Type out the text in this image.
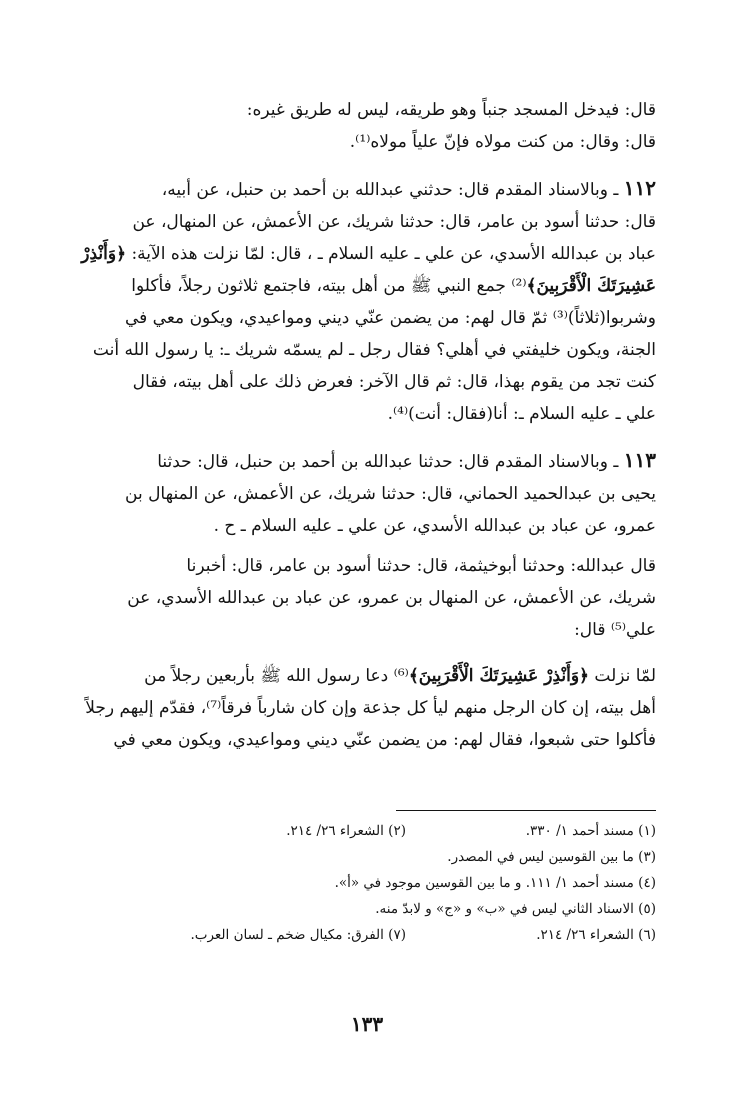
قال: فيدخل المسجد جنباً وهو طريقه، ليس له طريق غيره:

قال: وقال: من كنت مولاه فإنّ علياً مولاه⁽¹⁾.

١١٢ ـ وبالاسناد المقدم قال: حدثني عبدالله بن أحمد بن حنبل، عن أبيه،

قال: حدثنا أسود بن عامر، قال: حدثنا شريك، عن الأعمش، عن المنهال، عن

عباد بن عبدالله الأسدي، عن علي ـ عليه السلام ـ ، قال: لمّا نزلت هذه الآية: ﴿وَأَنْذِرْ

عَشِيرَتَكَ الْأَقْرَبِينَ﴾⁽²⁾ جمع النبي ﷺ من أهل بيته، فاجتمع ثلاثون رجلاً، فأكلوا

وشربوا(ثلاثاً)⁽³⁾ ثمّ قال لهم: من يضمن عنّي ديني ومواعيدي، ويكون معي في

الجنة، ويكون خليفتي في أهلي؟ فقال رجل ـ لم يسمّه شريك ـ: يا رسول الله أنت

كنت تجد من يقوم بهذا، قال: ثم قال الآخر: فعرض ذلك على أهل بيته، فقال

علي ـ عليه السلام ـ: أنا(فقال: أنت)⁽⁴⁾.

١١٣ ـ وبالاسناد المقدم قال: حدثنا عبدالله بن أحمد بن حنبل، قال: حدثنا

يحيى بن عبدالحميد الحماني، قال: حدثنا شريك، عن الأعمش، عن المنهال بن

عمرو، عن عباد بن عبدالله الأسدي، عن علي ـ عليه السلام ـ ح .

قال عبدالله: وحدثنا أبوخيثمة، قال: حدثنا أسود بن عامر، قال: أخبرنا

شريك، عن الأعمش، عن المنهال بن عمرو، عن عباد بن عبدالله الأسدي، عن

علي⁽⁵⁾ قال:

لمّا نزلت ﴿وَأَنْذِرْ عَشِيرَتَكَ الْأَقْرَبِينَ﴾⁽⁶⁾ دعا رسول الله ﷺ بأربعين رجلاً من

أهل بيته، إن كان الرجل منهم ليأ كل جذعة وإن كان شارباً فرقاً⁽⁷⁾، فقدّم إليهم رجلاً

فأكلوا حتى شبعوا، فقال لهم: من يضمن عنّي ديني ومواعيدي، ويكون معي في

(١) مسند أحمد ١/ ٣٣٠.
(٢) الشعراء ٢٦/ ٢١٤.
(٣) ما بين القوسين ليس في المصدر.
(٤) مسند أحمد ١/ ١١١. و ما بين القوسين موجود في «أ».
(٥) الاسناد الثاني ليس في «ب» و «ج» و لابدّ منه.
(٦) الشعراء ٢٦/ ٢١٤.
(٧) الفرق: مكيال ضخم ـ لسان العرب.
١٣٣
